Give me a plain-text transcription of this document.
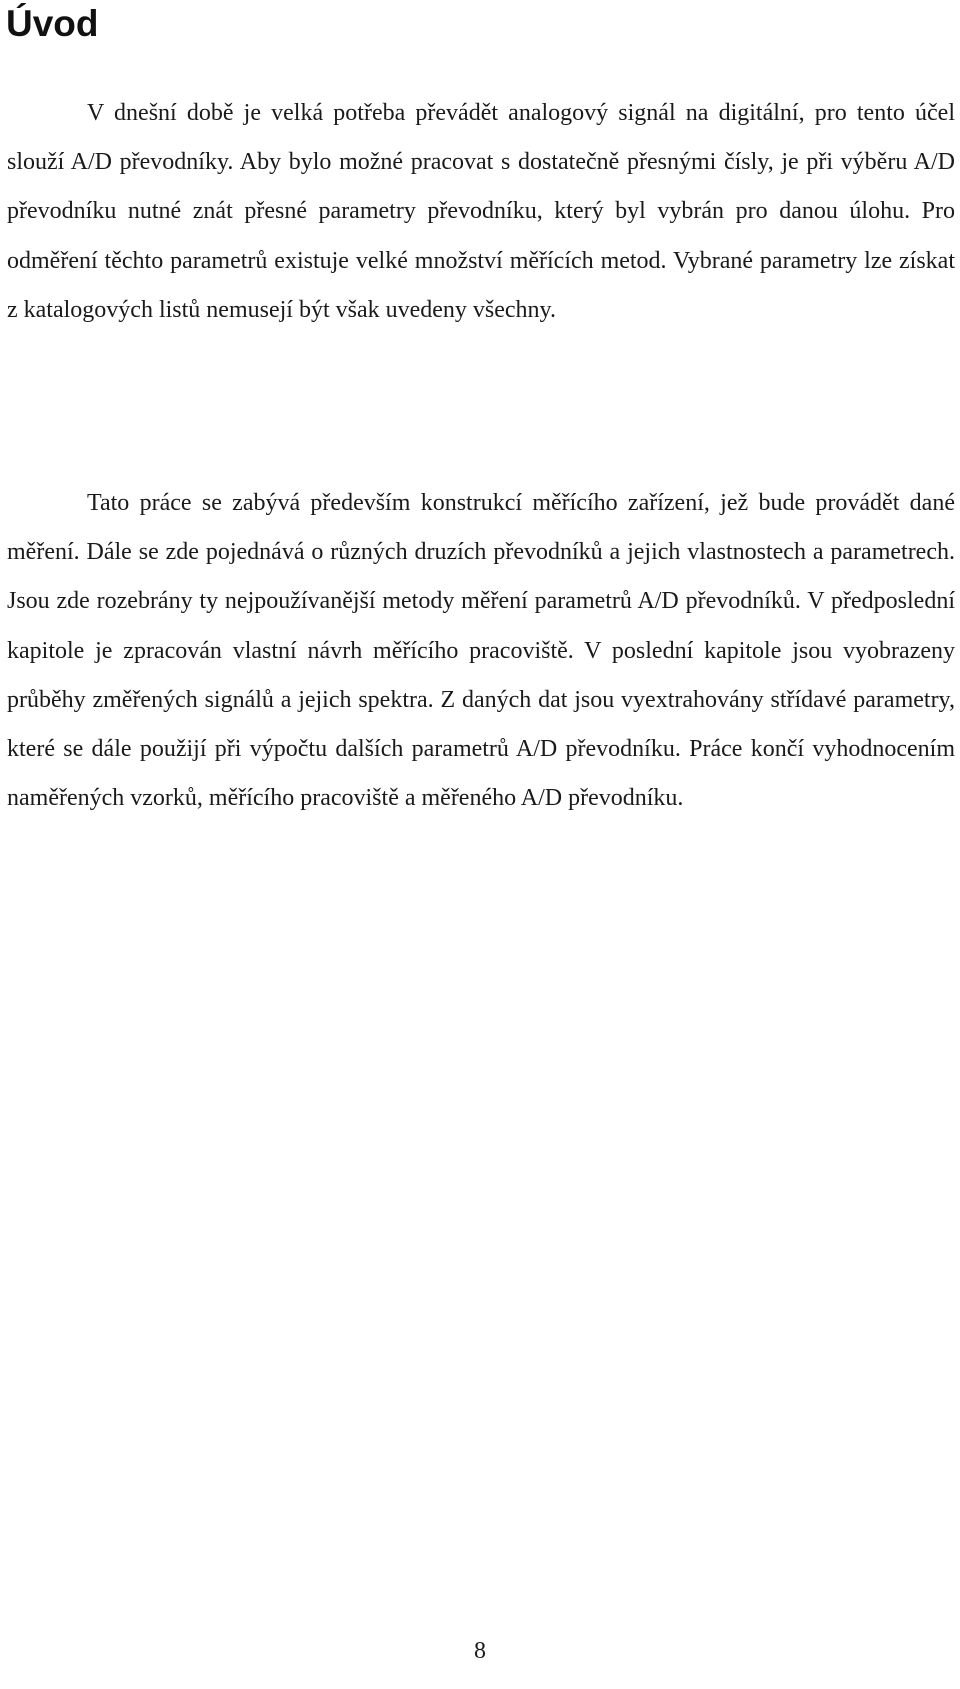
Úvod

V dnešní době je velká potřeba převádět analogový signál na digitální, pro tento účel slouží A/D převodníky. Aby bylo možné pracovat s dostatečně přesnými čísly, je při výběru A/D převodníku nutné znát přesné parametry převodníku, který byl vybrán pro danou úlohu. Pro odměření těchto parametrů existuje velké množství měřících metod. Vybrané parametry lze získat z katalogových listů nemusejí být však uvedeny všechny.

Tato práce se zabývá především konstrukcí měřícího zařízení, jež bude provádět dané měření. Dále se zde pojednává o různých druzích převodníků a jejich vlastnostech a parametrech. Jsou zde rozebrány ty nejpoužívanější metody měření parametrů A/D převodníků. V předposlední kapitole je zpracován vlastní návrh měřícího pracoviště. V poslední kapitole jsou vyobrazeny průběhy změřených signálů a jejich spektra. Z daných dat jsou vyextrahovány střídavé parametry, které se dále použijí při výpočtu dalších parametrů A/D převodníku. Práce končí vyhodnocením naměřených vzorků, měřícího pracoviště a měřeného A/D převodníku.

8
